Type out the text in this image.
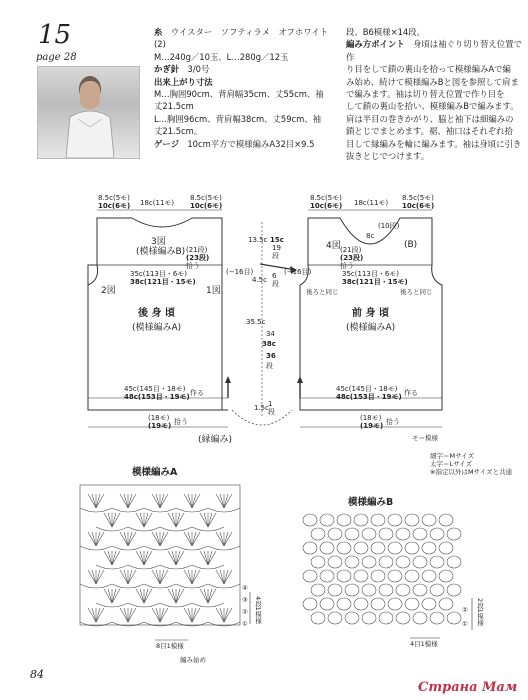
15
page 28
糸　 ウイスター　ソフティラメ　オフホワイト
(2)
M…240g／10玉、L…280g／12玉
かぎ針　 3/0号
出来上がり寸法
M…胸囲90cm、背肩幅35cm、丈55cm、袖
丈21.5cm
L…胸囲96cm、背肩幅38cm、丈59cm、袖
丈21.5cm。
ゲージ　 10cm平方で模様編みA32目×9.5
段、B6模様×14段。
編み方ポイント　 身頃は袖ぐり切り替え位置で作
り目をして鎖の裏山を拾って模様編みAで編
み始め、続けて模様編みBと図を参照して肩ま
で編みます。袖は切り替え位置で作り目を
して鎖の裏山を拾い、模様編みBで編みます。
肩は半目の巻きかがり、脇と袖下は細編みの
鎖とじでまとめます。裾、袖口はそれぞれ拾
目して縁編みを輪に編みます。袖は身頃に引き
抜きとじでつけます。
8.5c(5モ)
10c(6モ) 18c(11モ)
8.5c(5モ)
10c(6モ)
3図
(模様編みB) (21段)
(23段)
拾う
35c(113目・6モ)
38c(121目・15モ)
(−16目)
2図	1図
後 身 頃
(模様編みA)
45c(145目・18モ)
48c(153目・19モ) 作る
(18モ)
(19モ) 拾う
(縁編み)
13.5c 15c
19
段
4.5c 6
段
35.5c
38c
34
36
段
1.5c 1
段
8.5c(5モ)
10c(6モ) 18c(11モ)
8.5c(5モ)
10c(6モ)
8c
(10段)
4図	(B)
(21段)
(23段)
拾う
35c(113目・6モ)
38c(121目・15モ)
(−16目)
後ろと同じ	後ろと同じ
前 身 頃
(模様編みA)
45c(145目・18モ)
48c(153目・19モ) 作る
(18モ)
(19モ) 拾う
モ＝模様
細字＝Mサイズ
太字＝Lサイズ
※指定以外はMサイズと共通
模様編みA
④
③
②
①
4段1模様
8目1模様
編み始め
模様編みB
②
① 2段1模様
4目1模様
84
Страна Мам
